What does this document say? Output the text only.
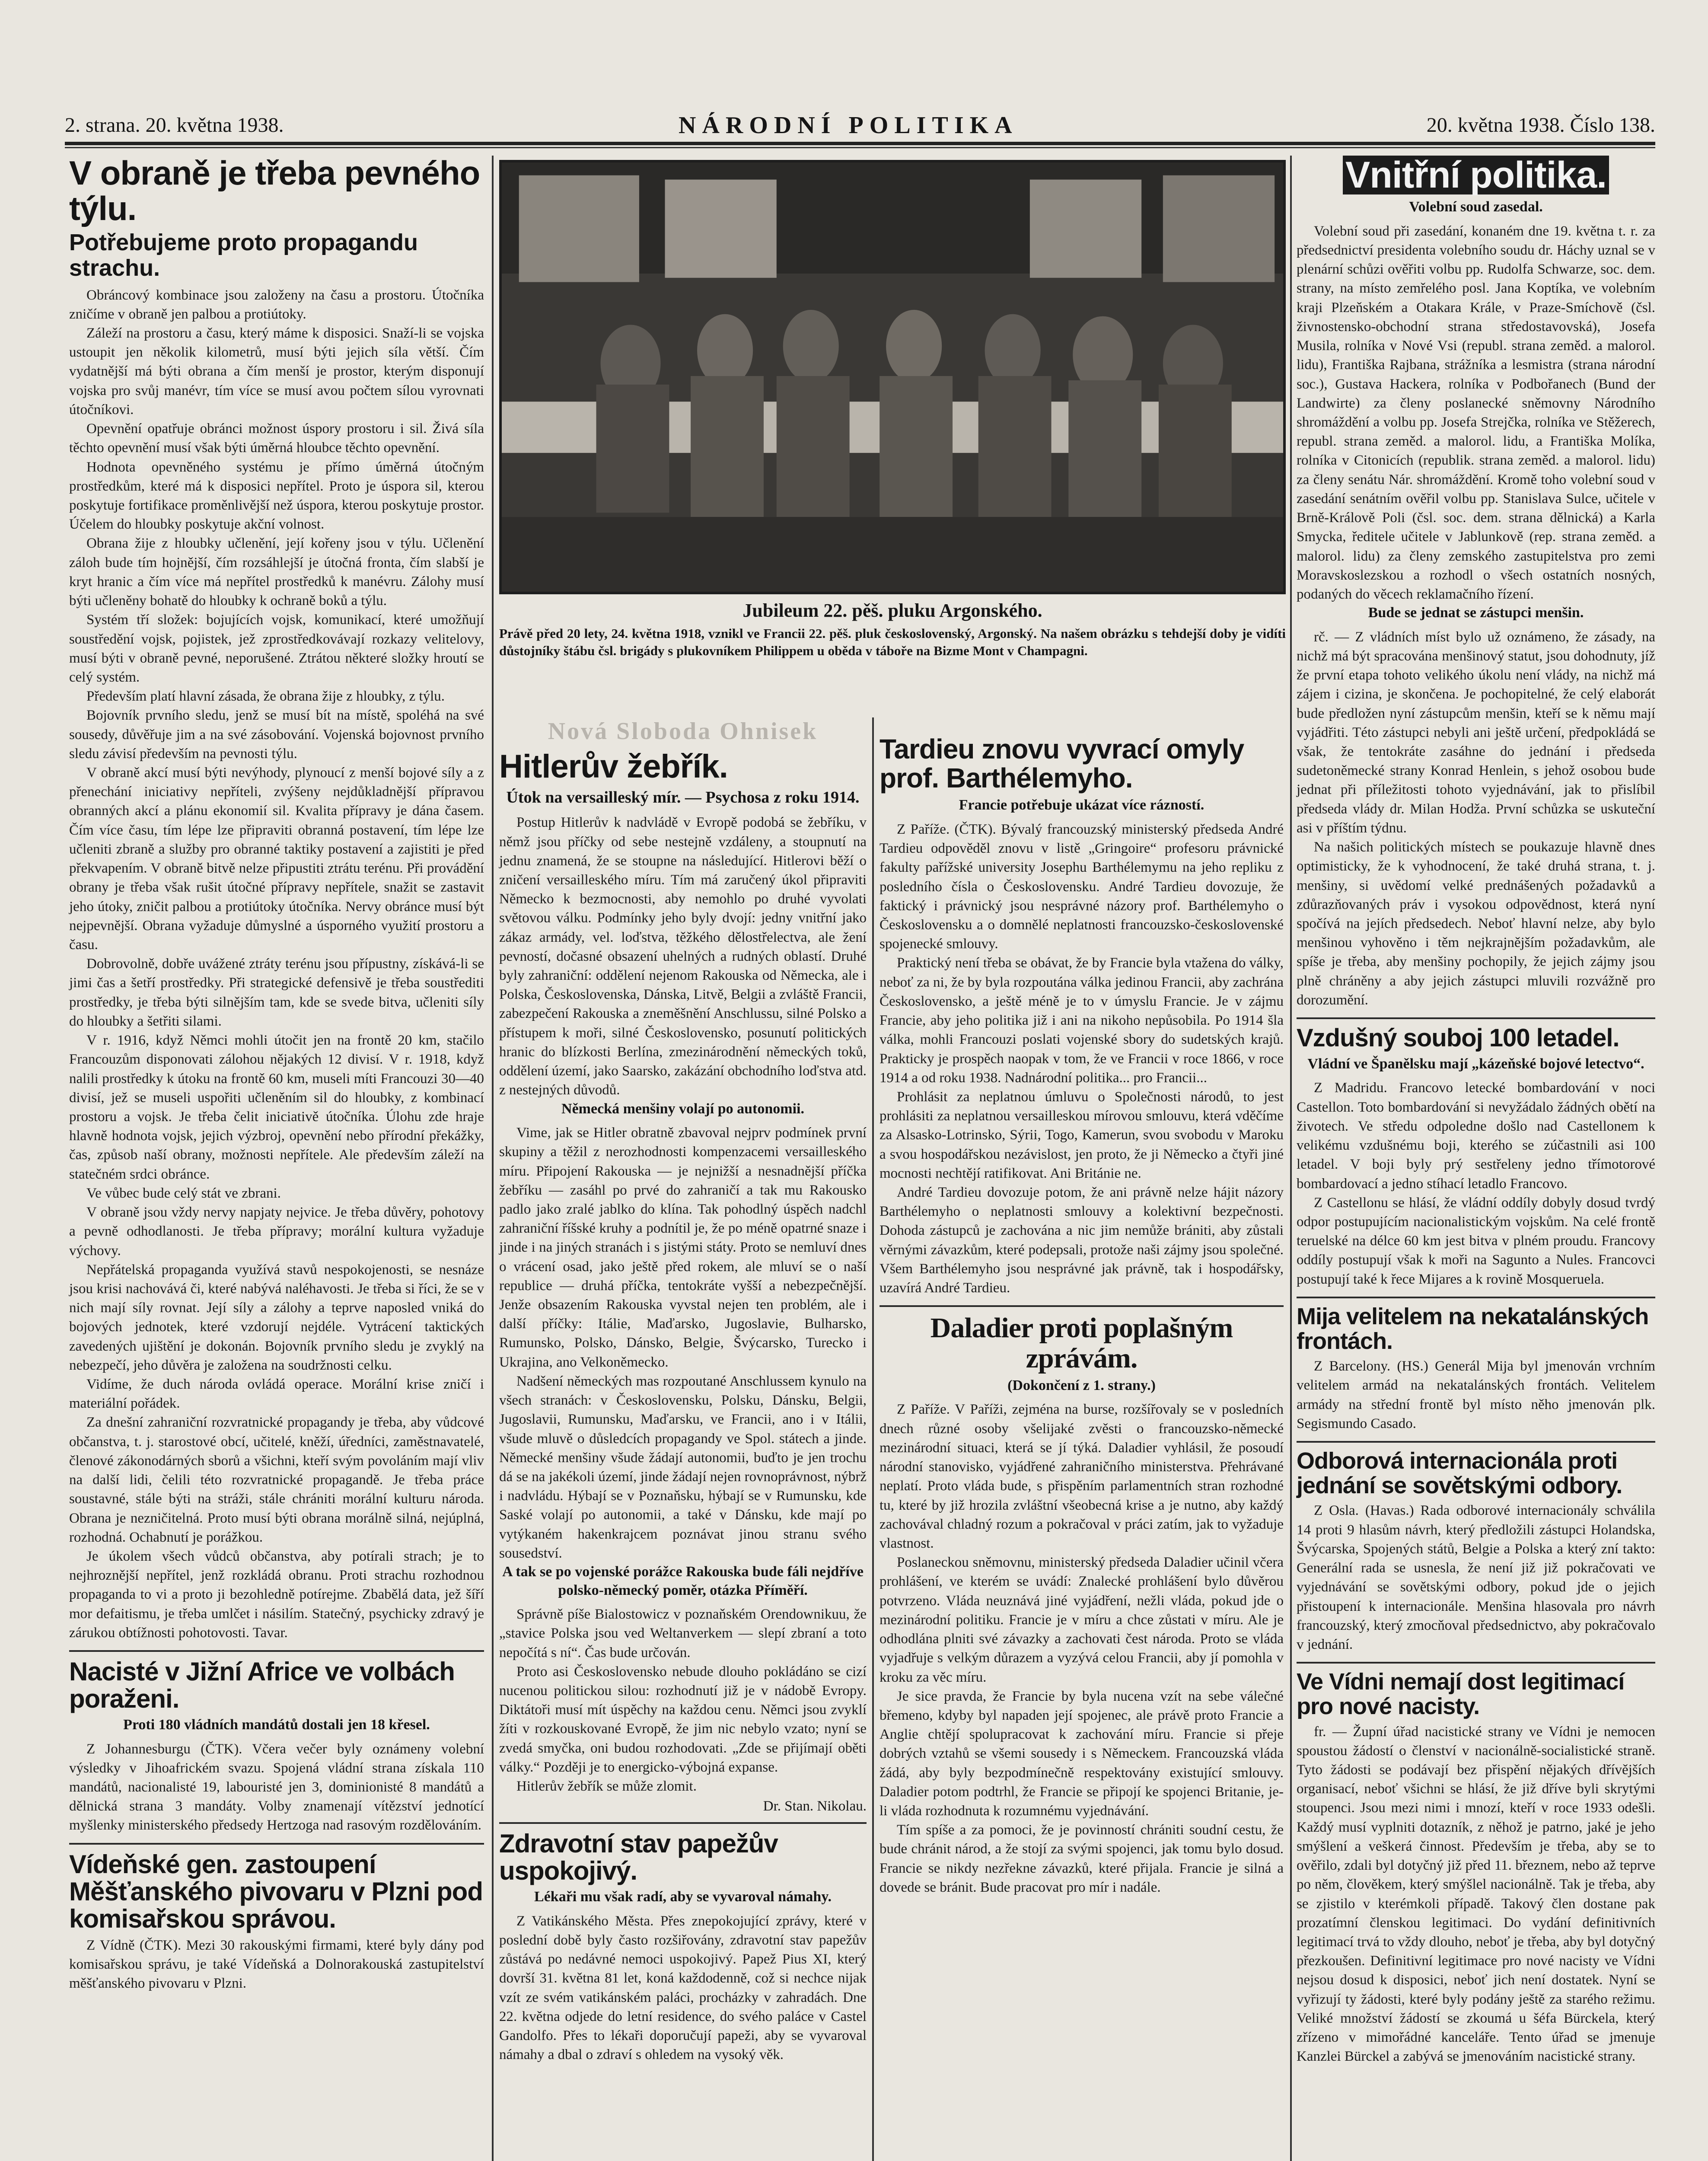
2. strana. 20. května 1938.	NÁRODNÍ POLITIKA	20. května 1938. Číslo 138.
V obraně je třeba pevného týlu.
Potřebujeme proto propagandu strachu.

Obráncový kombinace jsou založeny na času a prostoru. Útočníka zničíme v obraně jen palbou a protiútoky.

Záleží na prostoru a času, který máme k disposici. Snaží-li se vojska ustoupit jen několik kilometrů, musí býti jejich síla větší. Čím vydatnější má býti obrana a čím menší je prostor, kterým disponují vojska pro svůj manévr, tím více se musí avou počtem sílou vyrovnati útočníkovi.

Opevnění opatřuje obránci možnost úspory prostoru i sil. Živá síla těchto opevnění musí však býti úměrná hloubce těchto opevnění.

Hodnota opevněného systému je přímo úměrná útočným prostředkům, které má k disposici nepřítel. Proto je úspora sil, kterou poskytuje fortifikace proměnlivější než úspora, kterou poskytuje prostor. Účelem do hloubky poskytuje akční volnost.

Obrana žije z hloubky učlenění, její kořeny jsou v týlu. Učlenění záloh bude tím hojnější, čím rozsáhlejší je útočná fronta, čím slabší je kryt hranic a čím více má nepřítel prostředků k manévru. Zálohy musí býti učleněny bohatě do hloubky k ochraně boků a týlu.

Systém tří složek: bojujících vojsk, komunikací, které umožňují soustředění vojsk, pojistek, jež zprostředkovávají rozkazy velitelovy, musí býti v obraně pevné, neporušené. Ztrátou některé složky hroutí se celý systém.

Především platí hlavní zásada, že obrana žije z hloubky, z týlu.

Bojovník prvního sledu, jenž se musí bít na místě, spoléhá na své sousedy, důvěřuje jim a na své zásobování. Vojenská bojovnost prvního sledu závisí především na pevnosti týlu.

V obraně akcí musí býti nevýhody, plynoucí z menší bojové síly a z přenechání iniciativy nepříteli, zvýšeny nejdůkladnější přípravou obranných akcí a plánu ekonomií sil. Kvalita přípravy je dána časem. Čím více času, tím lépe lze připraviti obranná postavení, tím lépe lze učleniti zbraně a služby pro obranné taktiky postavení a zajistiti je před překvapením. V obraně bitvě nelze připustiti ztrátu terénu. Při provádění obrany je třeba však rušit útočné přípravy nepřítele, snažit se zastavit jeho útoky, zničit palbou a protiútoky útočníka. Nervy obránce musí být nejpevnější. Obrana vyžaduje důmyslné a úsporného využití prostoru a času.

Dobrovolně, dobře uvážené ztráty terénu jsou přípustny, získává-li se jimi čas a šetří prostředky. Při strategické defensivě je třeba soustřediti prostředky, je třeba býti silnějším tam, kde se svede bitva, učleniti síly do hloubky a šetřiti silami.

V r. 1916, když Němci mohli útočit jen na frontě 20 km, stačilo Francouzům disponovati zálohou nějakých 12 divisí. V r. 1918, když nalili prostředky k útoku na frontě 60 km, museli míti Francouzi 30—40 divisí, jež se museli uspořiti učleněním sil do hloubky, z kombinací prostoru a vojsk. Je třeba čelit iniciativě útočníka. Úlohu zde hraje hlavně hodnota vojsk, jejich výzbroj, opevnění nebo přírodní překážky, čas, způsob naší obrany, možnosti nepřítele. Ale především záleží na statečném srdci obránce.

Ve vůbec bude celý stát ve zbrani.

V obraně jsou vždy nervy napjaty nejvice. Je třeba důvěry, pohotovy a pevně odhodlanosti. Je třeba přípravy; morální kultura vyžaduje výchovy.

Nepřátelská propaganda využívá stavů nespokojenosti, se nesnáze jsou krisi nachovává či, které nabývá naléhavosti. Je třeba si říci, že se v nich mají síly rovnat. Její síly a zálohy a teprve naposled vniká do bojových jednotek, které vzdorují nejdéle. Vytrácení taktických zavedených ujištění je dokonán. Bojovník prvního sledu je zvyklý na nebezpečí, jeho důvěra je založena na soudržnosti celku.

Vidíme, že duch národa ovládá operace. Morální krise zničí i materiální pořádek.

Za dnešní zahraniční rozvratnické propagandy je třeba, aby vůdcové občanstva, t. j. starostové obcí, učitelé, kněží, úředníci, zaměstnavatelé, členové zákonodárných sborů a všichni, kteří svým povoláním mají vliv na další lidi, čelili této rozvratnické propagandě. Je třeba práce soustavné, stále býti na stráži, stále chrániti morální kulturu národa. Obrana je nezničitelná. Proto musí býti obrana morálně silná, nejúplná, rozhodná. Ochabnutí je porážkou.

Je úkolem všech vůdců občanstva, aby potírali strach; je to nejhroznější nepřítel, jenž rozkládá obranu. Proti strachu rozhodnou propaganda to vi a proto ji bezohledně potírejme. Zbabělá data, jež šíří mor defaitismu, je třeba umlčet i násilím. Statečný, psychicky zdravý je zárukou obtížnosti pohotovosti. Tavar.

Nacisté v Jižní Africe ve volbách poraženi.
Proti 180 vládních mandátů dostali jen 18 křesel.

Z Johannesburgu (ČTK). Včera večer byly oznámeny volební výsledky v Jihoafrickém svazu. Spojená vládní strana získala 110 mandátů, nacionalisté 19, labouristé jen 3, dominionisté 8 mandátů a dělnická strana 3 mandáty. Volby znamenají vítězství jednotící myšlenky ministerského předsedy Hertzoga nad rasovým rozdělováním.

Vídeňské gen. zastoupení Měšťanského pivovaru v Plzni pod komisařskou správou.

Z Vídně (ČTK). Mezi 30 rakouskými firmami, které byly dány pod komisařskou správu, je také Vídeňská a Dolnorakouská zastupitelství měšťanského pivovaru v Plzni.

Jubileum 22. pěš. pluku Argonského.
Právě před 20 lety, 24. května 1918, vznikl ve Francii 22. pěš. pluk československý, Argonský. Na našem obrázku s tehdejší doby je vidíti důstojníky štábu čsl. brigády s plukovníkem Philippem u oběda v táboře na Bizme Mont v Champagni.
Nová Sloboda Ohnisek
Hitlerův žebřík.
Útok na versailleský mír. — Psychosa z roku 1914.

Postup Hitlerův k nadvládě v Evropě podobá se žebříku, v němž jsou příčky od sebe nestejně vzdáleny, a stoupnutí na jednu znamená, že se stoupne na následující. Hitlerovi běží o zničení versailleského míru. Tím má zaručený úkol připraviti Německo k bezmocnosti, aby nemohlo po druhé vyvolati světovou válku. Podmínky jeho byly dvojí: jedny vnitřní jako zákaz armády, vel. loďstva, těžkého dělostřelectva, ale žení pevností, dočasné obsazení uhelných a rudných oblastí. Druhé byly zahraniční: oddělení nejenom Rakouska od Německa, ale i Polska, Československa, Dánska, Litvě, Belgii a zvláště Francii, zabezpečení Rakouska a zneměšnění Anschlussu, silné Polsko a přístupem k moři, silné Československo, posunutí politických hranic do blízkosti Berlína, zmezinárodnění německých toků, oddělení území, jako Saarsko, zakázání obchodního loďstva atd. z nestejných důvodů.

Německá menšiny volají po autonomii.

Vime, jak se Hitler obratně zbavoval nejprv podmínek první skupiny a těžil z nerozhodnosti kompenzacemi versailleského míru. Připojení Rakouska — je nejnižší a nesnadnější příčka žebříku — zasáhl po prvé do zahraničí a tak mu Rakousko padlo jako zralé jablko do klína. Tak pohodlný úspěch nadchl zahraniční říšské kruhy a podnítil je, že po méně opatrné snaze i jinde i na jiných stranách i s jistými státy. Proto se nemluví dnes o vrácení osad, jako ještě před rokem, ale mluví se o naší republice — druhá příčka, tentokráte vyšší a nebezpečnější. Jenže obsazením Rakouska vyvstal nejen ten problém, ale i další příčky: Itálie, Maďarsko, Jugoslavie, Bulharsko, Rumunsko, Polsko, Dánsko, Belgie, Švýcarsko, Turecko i Ukrajina, ano Velkoněmecko.

Nadšení německých mas rozpoutané Anschlussem kynulo na všech stranách: v Československu, Polsku, Dánsku, Belgii, Jugoslavii, Rumunsku, Maďarsku, ve Francii, ano i v Itálii, všude mluvě o důsledcích propagandy ve Spol. státech a jinde. Německé menšiny všude žádají autonomii, buďto je jen trochu dá se na jakékoli území, jinde žádají nejen rovnoprávnost, nýbrž i nadvládu. Hýbají se v Poznaňsku, hýbají se v Rumunsku, kde Saské volají po autonomii, a také v Dánsku, kde mají po vytýkaném hakenkrajcem poznávat jinou stranu svého sousedství.

A tak se po vojenské porážce Rakouska bude fáli nejdříve polsko-německý poměr, otázka Příměří.

Správně píše Bialostowicz v poznaňském Orendownikuu, že „stavice Polska jsou ved Weltanverkem — slepí zbraní a toto nepočítá s ní“. Čas bude určován.

Proto asi Československo nebude dlouho pokládáno se cizí nucenou politickou silou: rozhodnutí již je v nádobě Evropy. Diktátoři musí mít úspěchy na každou cenu. Němci jsou zvyklí žíti v rozkouskované Evropě, že jim nic nebylo vzato; nyní se zvedá smyčka, oni budou rozhodovati. „Zde se přijímají oběti války.“ Později je to energicko-výbojná expanse.

Hitlerův žebřík se může zlomit.

Dr. Stan. Nikolau.
Zdravotní stav papežův uspokojivý.
Lékaři mu však radí, aby se vyvaroval námahy.

Z Vatikánského Města. Přes znepokojující zprávy, které v poslední době byly často rozšiřovány, zdravotní stav papežův zůstává po nedávné nemoci uspokojivý. Papež Pius XI, který dovrší 31. května 81 let, koná každodenně, což si nechce nijak vzít ze svém vatikánském paláci, procházky v zahradách. Dne 22. května odjede do letní residence, do svého paláce v Castel Gandolfo. Přes to lékaři doporučují papeži, aby se vyvaroval námahy a dbal o zdraví s ohledem na vysoký věk.

Tardieu znovu vyvrací omyly prof. Barthélemyho.
Francie potřebuje ukázat více rázností.

Z Paříže. (ČTK). Bývalý francouzský ministerský předseda André Tardieu odpověděl znovu v listě „Gringoire“ profesoru právnické fakulty pařížské university Josephu Barthélemymu na jeho repliku z posledního čísla o Československu. André Tardieu dovozuje, že faktický i právnický jsou nesprávné názory prof. Barthélemyho o Československu a o domnělé neplatnosti francouzsko-československé spojenecké smlouvy.

Praktický není třeba se obávat, že by Francie byla vtažena do války, neboť za ni, že by byla rozpoutána válka jedinou Francii, aby zachrána Československo, a ještě méně je to v úmyslu Francie. Je v zájmu Francie, aby jeho politika již i ani na nikoho nepůsobila. Po 1914 šla válka, mohli Francouzi poslati vojenské sbory do sudetských krajů. Prakticky je prospěch naopak v tom, že ve Francii v roce 1866, v roce 1914 a od roku 1938. Nadnárodní politika... pro Francii...

Prohlásit za neplatnou úmluvu o Společnosti národů, to jest prohlásiti za neplatnou versailleskou mírovou smlouvu, která vděčíme za Alsasko-Lotrinsko, Sýrii, Togo, Kamerun, svou svobodu v Maroku a svou hospodářskou nezávislost, jen proto, že ji Německo a čtyři jiné mocnosti nechtějí ratifikovat. Ani Británie ne.

André Tardieu dovozuje potom, že ani právně nelze hájit názory Barthélemyho o neplatnosti smlouvy a kolektivní bezpečnosti. Dohoda zástupců je zachována a nic jim nemůže brániti, aby zůstali věrnými závazkům, které podepsali, protože naši zájmy jsou společné. Všem Barthélemyho jsou nesprávné jak právně, tak i hospodářsky, uzavírá André Tardieu.

Daladier proti poplašným zprávám.
(Dokončení z 1. strany.)

Z Paříže. V Paříži, zejména na burse, rozšířovaly se v posledních dnech různé osoby všelijaké zvěsti o francouzsko-německé mezinárodní situaci, která se jí týká. Daladier vyhlásil, že posoudí národní stanovisko, vyjádřené zahraničního ministerstva. Přehrávané neplatí. Proto vláda bude, s přispěním parlamentních stran rozhodné tu, které by již hrozila zvláštní všeobecná krise a je nutno, aby každý zachovával chladný rozum a pokračoval v práci zatím, jak to vyžaduje vlastnost.

Poslaneckou sněmovnu, ministerský předseda Daladier učinil včera prohlášení, ve kterém se uvádí: Znalecké prohlášení bylo důvěrou potvrzeno. Vláda neuznává jiné vyjádření, nežli vláda, pokud jde o mezinárodní politiku. Francie je v míru a chce zůstati v míru. Ale je odhodlána plniti své závazky a zachovati čest národa. Proto se vláda vyjadřuje s velkým důrazem a vyzývá celou Francii, aby jí pomohla v kroku za věc míru.

Je sice pravda, že Francie by byla nucena vzít na sebe válečné břemeno, kdyby byl napaden její spojenec, ale právě proto Francie a Anglie chtějí spolupracovat k zachování míru. Francie si přeje dobrých vztahů se všemi sousedy i s Německem. Francouzská vláda žádá, aby byly bezpodmínečně respektovány existující smlouvy. Daladier potom podtrhl, že Francie se připojí ke spojenci Britanie, je-li vláda rozhodnuta k rozumnému vyjednávání.

Tím spíše a za pomoci, že je povinností chrániti soudní cestu, že bude chránit národ, a že stojí za svými spojenci, jak tomu bylo dosud. Francie se nikdy nezřekne závazků, které přijala. Francie je silná a dovede se bránit. Bude pracovat pro mír i nadále.

Vnitřní politika.
Volební soud zasedal.

Volební soud při zasedání, konaném dne 19. května t. r. za předsednictví presidenta volebního soudu dr. Háchy uznal se v plenární schůzi ověřiti volbu pp. Rudolfa Schwarze, soc. dem. strany, na místo zemřelého posl. Jana Koptíka, ve volebním kraji Plzeňském a Otakara Krále, v Praze-Smíchově (čsl. živnostensko-obchodní strana středostavovská), Josefa Musila, rolníka v Nové Vsi (republ. strana zeměd. a malorol. lidu), Františka Rajbana, strážníka a lesmistra (strana národní soc.), Gustava Hackera, rolníka v Podbořanech (Bund der Landwirte) za členy poslanecké sněmovny Národního shromáždění a volbu pp. Josefa Strejčka, rolníka ve Stěžerech, republ. strana zeměd. a malorol. lidu, a Františka Molíka, rolníka v Citonicích (republik. strana zeměd. a malorol. lidu) za členy senátu Nár. shromáždění. Kromě toho volební soud v zasedání senátním ověřil volbu pp. Stanislava Sulce, učitele v Brně-Králově Poli (čsl. soc. dem. strana dělnická) a Karla Smycka, ředitele učitele v Jablunkově (rep. strana zeměd. a malorol. lidu) za členy zemského zastupitelstva pro zemi Moravskoslezskou a rozhodl o všech ostatních nosných, podaných do věcech reklamačního řízení.

Bude se jednat se zástupci menšin.

rč. — Z vládních míst bylo už oznámeno, že zásady, na nichž má být spracována menšinový statut, jsou dohodnuty, jíž že první etapa tohoto velikého úkolu není vlády, na nichž má zájem i cizina, je skončena. Je pochopitelné, že celý elaborát bude předložen nyní zástupcům menšin, kteří se k němu mají vyjádřiti. Této zástupci nebyli ani ještě určení, předpokládá se však, že tentokráte zasáhne do jednání i předseda sudetoněmecké strany Konrad Henlein, s jehož osobou bude jednat při příležitosti tohoto vyjednávání, jak to přislíbil předseda vlády dr. Milan Hodža. První schůzka se uskuteční asi v příštím týdnu.

Na našich politických místech se poukazuje hlavně dnes optimisticky, že k vyhodnocení, že také druhá strana, t. j. menšiny, si uvědomí velké prednášených požadavků a zdůrazňovaných práv i vysokou odpovědnost, která nyní spočívá na jejích předsedech. Neboť hlavní nelze, aby bylo menšinou vyhověno i těm nejkrajnějším požadavkům, ale spíše je třeba, aby menšiny pochopily, že jejich zájmy jsou plně chráněny a aby jejich zástupci mluvili rozvážně pro dorozumění.

Vzdušný souboj 100 letadel.
Vládní ve Španělsku mají „kázeňské bojové letectvo“.

Z Madridu. Francovo letecké bombardování v noci Castellon. Toto bombardování si nevyžádalo žádných obětí na životech. Ve středu odpoledne došlo nad Castellonem k velikému vzdušnému boji, kterého se zúčastnili asi 100 letadel. V boji byly prý sestřeleny jedno třímotorové bombardovací a jedno stíhací letadlo Francovo.

Z Castellonu se hlásí, že vládní oddíly dobyly dosud tvrdý odpor postupujícím nacionalistickým vojskům. Na celé frontě teruelské na délce 60 km jest bitva v plném proudu. Francovy oddíly postupují však k moři na Sagunto a Nules. Francovci postupují také k řece Mijares a k rovině Mosqueruela.

Mija velitelem na nekatalánských frontách.

Z Barcelony. (HS.) Generál Mija byl jmenován vrchním velitelem armád na nekatalánských frontách. Velitelem armády na střední frontě byl místo něho jmenován plk. Segismundo Casado.

Odborová internacionála proti jednání se sovětskými odbory.

Z Osla. (Havas.) Rada odborové internacionály schválila 14 proti 9 hlasům návrh, který předložili zástupci Holandska, Švýcarska, Spojených států, Belgie a Polska a který zní takto: Generální rada se usnesla, že není již již pokračovati ve vyjednávání se sovětskými odbory, pokud jde o jejich přistoupení k internacionále. Menšina hlasovala pro návrh francouzský, který zmocňoval předsednictvo, aby pokračovalo v jednání.

Ve Vídni nemají dost legitimací pro nové nacisty.

fr. — Župní úřad nacistické strany ve Vídni je nemocen spoustou žádostí o členství v nacionálně-socialistické straně. Tyto žádosti se podávají bez přispění nějakých dřívějších organisací, neboť všichni se hlásí, že již dříve byli skrytými stoupenci. Jsou mezi nimi i mnozí, kteří v roce 1933 odešli. Každý musí vyplniti dotazník, z něhož je patrno, jaké je jeho smýšlení a veškerá činnost. Především je třeba, aby se to ověřilo, zdali byl dotyčný již před 11. březnem, nebo až teprve po něm, člověkem, který smýšlel nacionálně. Tak je třeba, aby se zjistilo v kterémkoli případě. Takový člen dostane pak prozatímní členskou legitimaci. Do vydání definitivních legitimací trvá to vždy dlouho, neboť je třeba, aby byl dotyčný přezkoušen. Definitivní legitimace pro nové nacisty ve Vídni nejsou dosud k disposici, neboť jich není dostatek. Nyní se vyřizují ty žádosti, které byly podány ještě za starého režimu. Veliké množství žádostí se zkoumá u šéfa Bürckela, který zřízeno v mimořádné kanceláře. Tento úřad se jmenuje Kanzlei Bürckel a zabývá se jmenováním nacistické strany.
